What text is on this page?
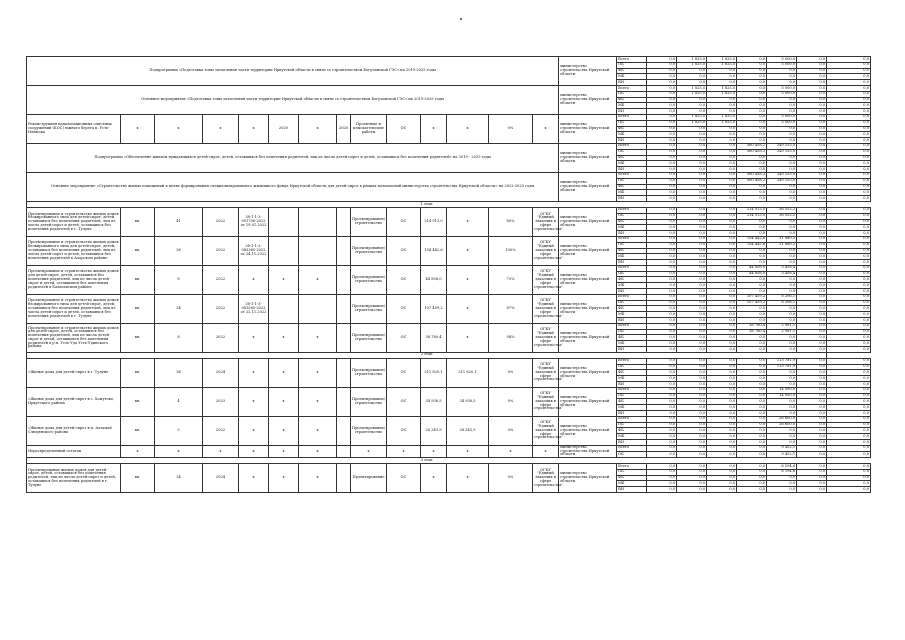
Подпрограмма «Подготовка зоны затопления части территории Иркутской области в связи со строительством Богучанской ГЭС» на 2019-2025 годы														министерство строительства Иркутской области	Всего	0,0	1 825,0	1 825,0	0,0	5 000,0	0,0	0,0
															ОБ	0,0	1 825,0	1 825,0	0,0	5 000,0	0,0	0,0
															ФБ	0,0	0,0	0,0	0,0	0,0	0,0	0,0
															МБ	0,0	0,0	0,0	0,0	0,0	0,0	0,0
															ВИ	0,0	0,0	0,0	0,0	0,0	0,0	0,0
Основное мероприятие «Подготовка зоны затопления части территории Иркутской области в связи со строительством Богучанской ГЭС» на 2019-2025 годы														министерство строительства Иркутской области	Всего	0,0	1 825,0	1 825,0	0,0	5 000,0	0,0	0,0
															ОБ	0,0	1 825,0	1 825,0	0,0	5 000,0	0,0	0,0
															ФБ	0,0	0,0	0,0	0,0	0,0	0,0	0,0
															МБ	0,0	0,0	0,0	0,0	0,0	0,0	0,0
															ВИ	0,0	0,0	0,0	0,0	0,0	0,0	0,0
Реконструкция канализационных очистных сооружений (КОС) южного берега п. Усть-Илимска	x	x	x	x	2020	x	2020	Проектные и изыскательские работы	ОС	x	x	0%	x	министерство строительства Иркутской области	Всего	0,0	1 825,0	1 825,0	0,0	5 000,0	0,0	0,0
															ОБ	0,0	1 825,0	1 825,0	0,0	5 000,0	0,0	0,0
															ФБ	0,0	0,0	0,0	0,0	0,0	0,0	0,0
															МБ	0,0	0,0	0,0	0,0	0,0	0,0	0,0
															ВИ	0,0	0,0	0,0	0,0	0,0	0,0	0,0
Подпрограмма «Обеспечение жильем нуждающихся детей-сирот, детей, оставшихся без попечения родителей, лиц из числа детей-сирот и детей, оставшихся без попечения родителей» на 2019 - 2025 годы														министерство строительства Иркутской области	Всего	0,0	0,0	0,0	560 458,2	249 153,0	0,0	0,0
															ОБ	0,0	0,0	0,0	560 458,2	249 153,0	0,0	0,0
															ФБ	0,0	0,0	0,0	0,0	0,0	0,0	0,0
															МБ	0,0	0,0	0,0	0,0	0,0	0,0	0,0
															ВИ	0,0	0,0	0,0	0,0	0,0	0,0	0,0
Основное мероприятие «Строительство жилых помещений в целях формирования специализированного жилищного фонда Иркутской области для детей-сирот в рамках полномочий министерства строительства Иркутской области» на 2022-2025 годы														министерство строительства Иркутской области	Всего	0,0	0,0	0,0	560 458,2	249 153,0	0,0	0,0
															ОБ	0,0	0,0	0,0	560 458,2	249 153,0	0,0	0,0
															ФБ	0,0	0,0	0,0	0,0	0,0	0,0	0,0
															МБ	0,0	0,0	0,0	0,0	0,0	0,0	0,0
															ВИ	0,0	0,0	0,0	0,0	0,0	0,0	0,0
1 этап																						
Проектирование и строительство жилых домов блокированного типа для детей-сирот, детей, оставшихся без попечения родителей, лиц из числа детей-сирот и детей, оставшихся без попечения родителей в г. Тулуне	кв.	41	2022	38-1-1-3-001756-2022 от 19.01.2022				Проектирование/ строительство	ОС	214 913,0	x	80%	ОГКУ "Единый заказчик в сфере строительства"	министерство строительства Иркутской области	Всего	0,0	0,0	0,0	214 913,0	36 552,2	0,0	0,0
															ОБ	0,0	0,0	0,0	214 913,0	36 552,2	0,0	0,0
															ФБ	0,0	0,0	0,0	0,0	0,0	0,0	0,0
															МБ	0,0	0,0	0,0	0,0	0,0	0,0	0,0
															ВИ	0,0	0,0	0,0	0,0	0,0	0,0	0,0
Проектирование и строительство жилых домов блокированного типа для детей-сирот, детей, оставшихся без попечения родителей, лиц из числа детей-сирот и детей, оставшихся без попечения родителей в Аларском районе	кв.	36	2022	38-1-1-3-083365-2022 от 24.11.2022				Проектирование/ строительство	ОС	154 442,6	x	100%	ОГКУ "Единый заказчик в сфере строительства"	министерство строительства Иркутской области	Всего	0,0	0,0	0,0	154 442,6	31 880,2	0,0	0,0
															ОБ	0,0	0,0	0,0	154 442,6	31 880,2	0,0	0,0
															ФБ	0,0	0,0	0,0	0,0	0,0	0,0	0,0
															МБ	0,0	0,0	0,0	0,0	0,0	0,0	0,0
															ВИ	0,0	0,0	0,0	0,0	0,0	0,0	0,0
Проектирование и строительство жилых домов для детей-сирот, детей, оставшихся без попечения родителей, лиц из числа детей-сирот и детей, оставшихся без попечения родителей в Балаганском районе	кв.	8	2022	x	x	x		Проектирование/ строительство	ОС	44 858,0	x	73%	ОГКУ "Единый заказчик в сфере строительства"	министерство строительства Иркутской области	Всего	0,0	0,0	0,0	44 858,0	3 458,4	0,0	0,0
															ОБ	0,0	0,0	0,0	44 858,0	3 458,4	0,0	0,0
															ФБ	0,0	0,0	0,0	0,0	0,0	0,0	0,0
															МБ	0,0	0,0	0,0	0,0	0,0	0,0	0,0
															ВИ	0,0	0,0	0,0	0,0	0,0	0,0	0,0
Проектирование и строительство жилых домов блокированного типа для детей-сирот, детей, оставшихся без попечения родителей, лиц из числа детей-сирот и детей, оставшихся без попечения родителей в г. Тулуне	кв.	24	2022	38-1-1-3-081565-2022 от 22.11.2022				Проектирование/ строительство	ОС	107 459,2	x	87%	ОГКУ "Единый заказчик в сфере строительства"	министерство строительства Иркутской области	Всего	0,0	0,0	0,0	107 459,2	8 206,1	0,0	0,0
															ОБ	0,0	0,0	0,0	107 459,2	8 206,1	0,0	0,0
															ФБ	0,0	0,0	0,0	0,0	0,0	0,0	0,0
															МБ	0,0	0,0	0,0	0,0	0,0	0,0	0,0
															ВИ	0,0	0,0	0,0	0,0	0,0	0,0	0,0
Проектирование и строительство жилых домов для детей-сирот, детей, оставшихся без попечения родителей, лиц из числа детей-сирот и детей, оставшихся без попечения родителей в р.п. Усть-Уда Усть-Удинского района	кв.	8	2022	x	x	x		Проектирование/ строительство	ОС	38 780,4	x	94%	ОГКУ "Единый заказчик в сфере строительства"	министерство строительства Иркутской области	Всего	0,0	0,0	0,0	38 780,4	2 981,1	0,0	0,0
															ОБ	0,0	0,0	0,0	38 780,4	2 981,1	0,0	0,0
															ФБ	0,0	0,0	0,0	0,0	0,0	0,0	0,0
															МБ	0,0	0,0	0,0	0,0	0,0	0,0	0,0
															ВИ	0,0	0,0	0,0	0,0	0,0	0,0	0,0
2 этап																						
«Жилые дома для детей-сирот в г. Тулуне	кв.	36	2024	x	x	x		Проектирование/ строительство	ОС	211 820,1	211 820,1	0%	ОГКУ "Единый заказчик в сфере строительства"	министерство строительства Иркутской области	Всего	0,0	0,0	0,0	0,0	113 781,9	0,0	0,0
															ОБ	0,0	0,0	0,0	0,0	113 781,9	0,0	0,0
															ФБ	0,0	0,0	0,0	0,0	0,0	0,0	0,0
															МБ	0,0	0,0	0,0	0,0	0,0	0,0	0,0
															ВИ	0,0	0,0	0,0	0,0	0,0	0,0	0,0
«Жилые дома для детей-сирот в с. Хомутово, Иркутского района	кв.	4	2023	x	x	x		Проектирование/ строительство	ОС	34 938,5	34 938,5	0%	ОГКУ "Единый заказчик в сфере строительства"	министерство строительства Иркутской области	Всего	0,0	0,0	0,0	0,0	14 000,0	0,0	0,0
															ОБ	0,0	0,0	0,0	0,0	14 000,0	0,0	0,0
															ФБ	0,0	0,0	0,0	0,0	0,0	0,0	0,0
															МБ	0,0	0,0	0,0	0,0	0,0	0,0	0,0
															ВИ	0,0	0,0	0,0	0,0	0,0	0,0	0,0
«Жилые дома для детей-сирот в п. Алзамай Слюдянского района	кв.	5	2022	x	x	x		Проектирование/ строительство	ОС	28 243,9	28 243,9	0%	ОГКУ "Единый заказчик в сфере строительства"	министерство строительства Иркутской области	Всего	0,0	0,0	0,0	0,0	26 600,0	0,0	0,0
															ОБ	0,0	0,0	0,0	0,0	26 600,0	0,0	0,0
															ФБ	0,0	0,0	0,0	0,0	0,0	0,0	0,0
															МБ	0,0	0,0	0,0	0,0	0,0	0,0	0,0
															ВИ	0,0	0,0	0,0	0,0	0,0	0,0	0,0
Нераспределенный остаток	x	x	x	x	x	x		x	x	x	x	x	x	министерство строительства Иркутской области	Всего	0,0	0,0	0,0	0,0	9 452,1	0,0	0,0
															ОБ	0,0	0,0	0,0	0,0	9 452,1	0,0	0,0
3 этап																						
Проектирование жилых домов для детей-сирот, детей, оставшихся без попечения родителей, лиц из числа детей-сирот и детей, оставшихся без попечения родителей в г. Тулуне	кв.	24	2024	x	x	x		Проектирование	ОС	x	x	0%	ОГКУ "Единый заказчик в сфере строительства"	министерство строительства Иркутской области	Всего	0,0	0,0	0,0	0,0	6 194,6	0,0	0,0
															ОБ	0,0	0,0	0,0	0,0	6 194,6	0,0	0,0
															ФБ	0,0	0,0	0,0	0,0	0,0	0,0	0,0
															МБ	0,0	0,0	0,0	0,0	0,0	0,0	0,0
															ВИ	0,0	0,0	0,0	0,0	0,0	0,0	0,0
